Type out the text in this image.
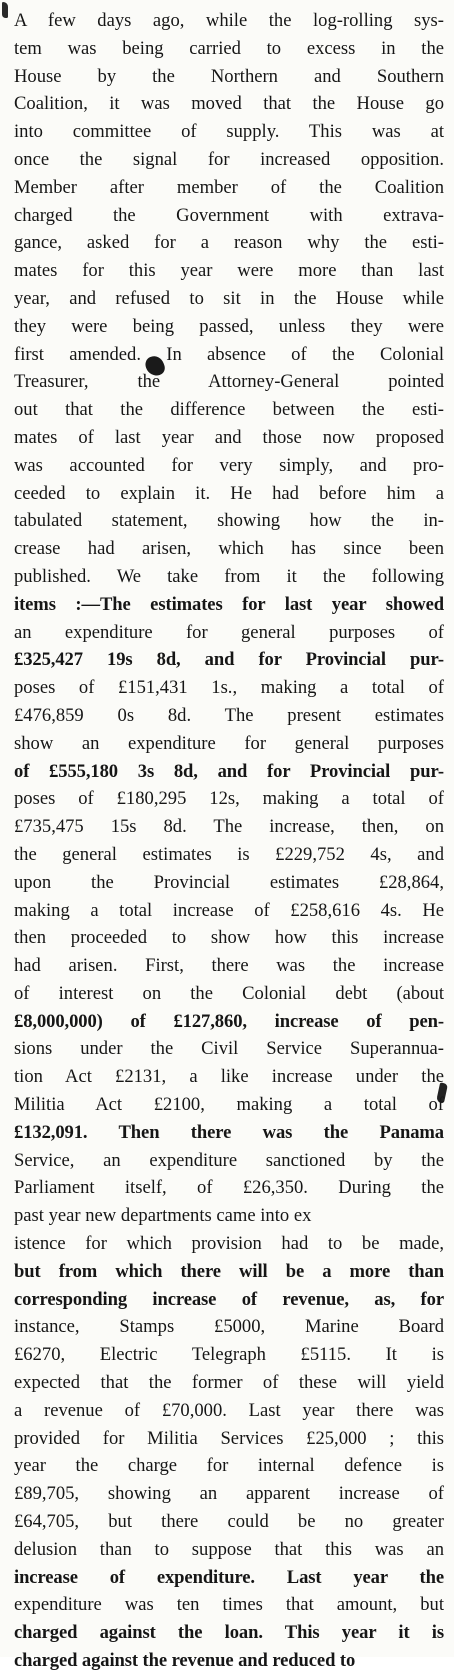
A few days ago, while the log-rolling sys-
tem was being carried to excess in the
House by the Northern and Southern
Coalition, it was moved that the House go
into committee of supply. This was at
once the signal for increased opposition.
Member after member of the Coalition
charged the Government with extrava-
gance, asked for a reason why the esti-
mates for this year were more than last
year, and refused to sit in the House while
they were being passed, unless they were
first amended. In absence of the Colonial
Treasurer, the Attorney-General pointed
out that the difference between the esti-
mates of last year and those now proposed
was accounted for very simply, and pro-
ceeded to explain it. He had before him a
tabulated statement, showing how the in-
crease had arisen, which has since been
published. We take from it the following
items :—The estimates for last year showed
an expenditure for general purposes of
£325,427 19s 8d, and for Provincial pur-
poses of £151,431 1s., making a total of
£476,859 0s 8d. The present estimates
show an expenditure for general purposes
of £555,180 3s 8d, and for Provincial pur-
poses of £180,295 12s, making a total of
£735,475 15s 8d. The increase, then, on
the general estimates is £229,752 4s, and
upon the Provincial estimates £28,864,
making a total increase of £258,616 4s. He
then proceeded to show how this increase
had arisen. First, there was the increase
of interest on the Colonial debt (about
£8,000,000) of £127,860, increase of pen-
sions under the Civil Service Superannua-
tion Act £2131, a like increase under the
Militia Act £2100, making a total of
£132,091. Then there was the Panama
Service, an expenditure sanctioned by the
Parliament itself, of £26,350. During the
past year new departments came into ex
istence for which provision had to be made,
but from which there will be a more than
corresponding increase of revenue, as, for
instance, Stamps £5000, Marine Board
£6270, Electric Telegraph £5115. It is
expected that the former of these will yield
a revenue of £70,000. Last year there was
provided for Militia Services £25,000 ; this
year the charge for internal defence is
£89,705, showing an apparent increase of
£64,705, but there could be no greater
delusion than to suppose that this was an
increase of expenditure. Last year the
expenditure was ten times that amount, but
charged against the loan. This year it is
charged against the revenue and reduced to
